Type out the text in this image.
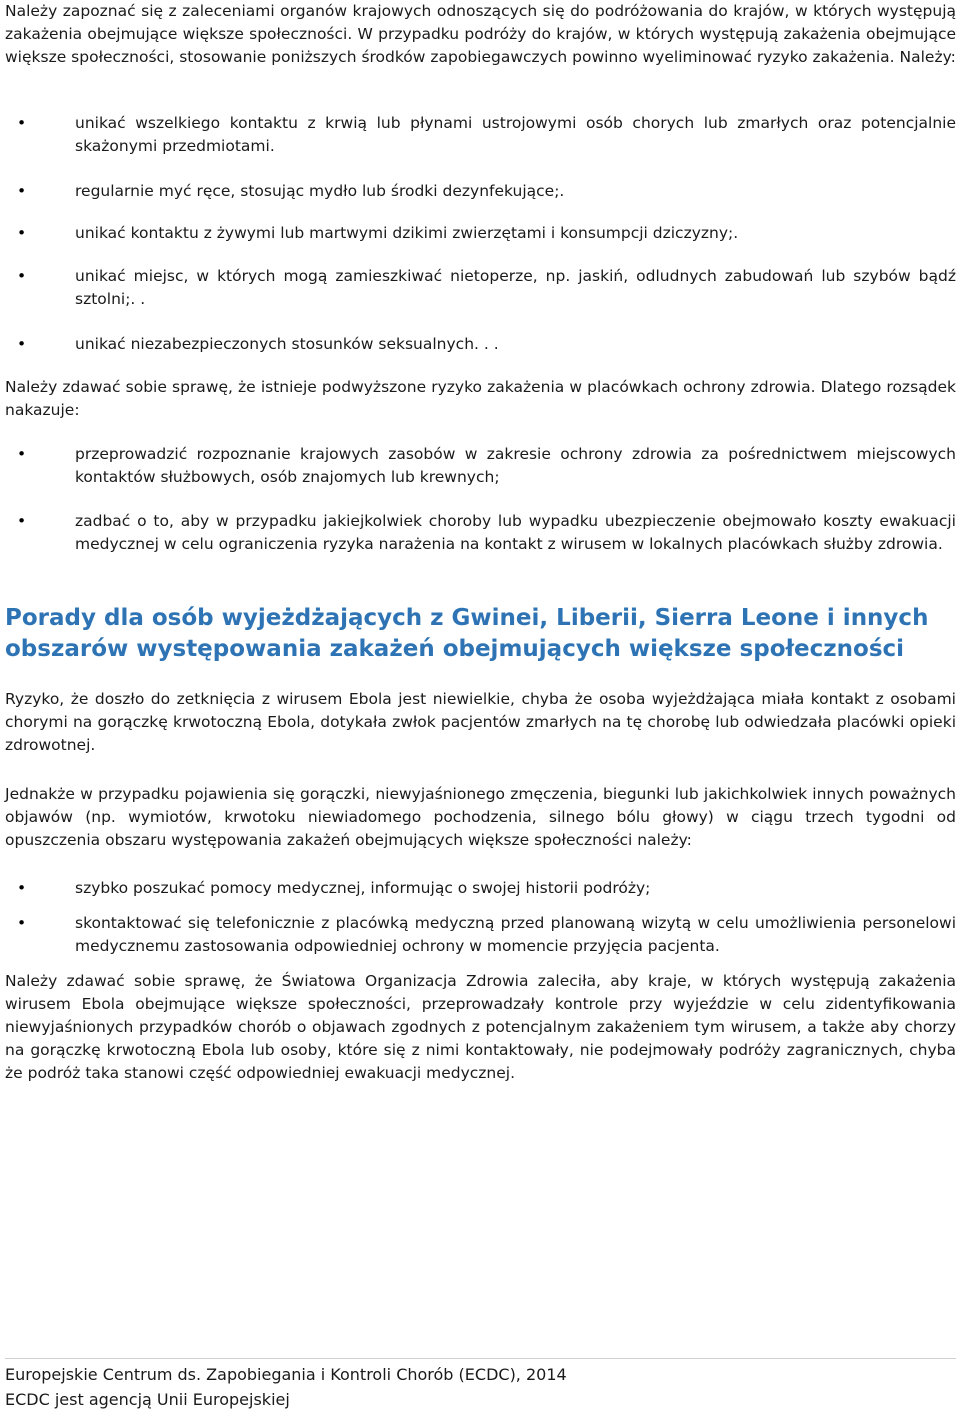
Należy zapoznać się z zaleceniami organów krajowych odnoszących się do podróżowania do krajów, w których występują zakażenia obejmujące większe społeczności. W przypadku podróży do krajów, w których występują zakażenia obejmujące większe społeczności, stosowanie poniższych środków zapobiegawczych powinno wyeliminować ryzyko zakażenia. Należy:

• unikać wszelkiego kontaktu z krwią lub płynami ustrojowymi osób chorych lub zmarłych oraz potencjalnie skażonymi przedmiotami.
• regularnie myć ręce, stosując mydło lub środki dezynfekujące;.
• unikać kontaktu z żywymi lub martwymi dzikimi zwierzętami i konsumpcji dziczyzny;.
• unikać miejsc, w których mogą zamieszkiwać nietoperze, np. jaskiń, odludnych zabudowań lub szybów bądź sztolni;. .
• unikać niezabezpieczonych stosunków seksualnych. . .

Należy zdawać sobie sprawę, że istnieje podwyższone ryzyko zakażenia w placówkach ochrony zdrowia. Dlatego rozsądek nakazuje:

• przeprowadzić rozpoznanie krajowych zasobów w zakresie ochrony zdrowia za pośrednictwem miejscowych kontaktów służbowych, osób znajomych lub krewnych;
• zadbać o to, aby w przypadku jakiejkolwiek choroby lub wypadku ubezpieczenie obejmowało koszty ewakuacji medycznej w celu ograniczenia ryzyka narażenia na kontakt z wirusem w lokalnych placówkach służby zdrowia.
Porady dla osób wyjeżdżających z Gwinei, Liberii, Sierra Leone i innych obszarów występowania zakażeń obejmujących większe społeczności

Ryzyko, że doszło do zetknięcia z wirusem Ebola jest niewielkie, chyba że osoba wyjeżdżająca miała kontakt z osobami chorymi na gorączkę krwotoczną Ebola, dotykała zwłok pacjentów zmarłych na tę chorobę lub odwiedzała placówki opieki zdrowotnej.

Jednakże w przypadku pojawienia się gorączki, niewyjaśnionego zmęczenia, biegunki lub jakichkolwiek innych poważnych objawów (np. wymiotów, krwotoku niewiadomego pochodzenia, silnego bólu głowy) w ciągu trzech tygodni od opuszczenia obszaru występowania zakażeń obejmujących większe społeczności należy:

• szybko poszukać pomocy medycznej, informując o swojej historii podróży;
• skontaktować się telefonicznie z placówką medyczną przed planowaną wizytą w celu umożliwienia personelowi medycznemu zastosowania odpowiedniej ochrony w momencie przyjęcia pacjenta.

Należy zdawać sobie sprawę, że Światowa Organizacja Zdrowia zaleciła, aby kraje, w których występują zakażenia wirusem Ebola obejmujące większe społeczności, przeprowadzały kontrole przy wyjeździe w celu zidentyfikowania niewyjaśnionych przypadków chorób o objawach zgodnych z potencjalnym zakażeniem tym wirusem, a także aby chorzy na gorączkę krwotoczną Ebola lub osoby, które się z nimi kontaktowały, nie podejmowały podróży zagranicznych, chyba że podróż taka stanowi część odpowiedniej ewakuacji medycznej.

Europejskie Centrum ds. Zapobiegania i Kontroli Chorób (ECDC), 2014
ECDC jest agencją Unii Europejskiej
